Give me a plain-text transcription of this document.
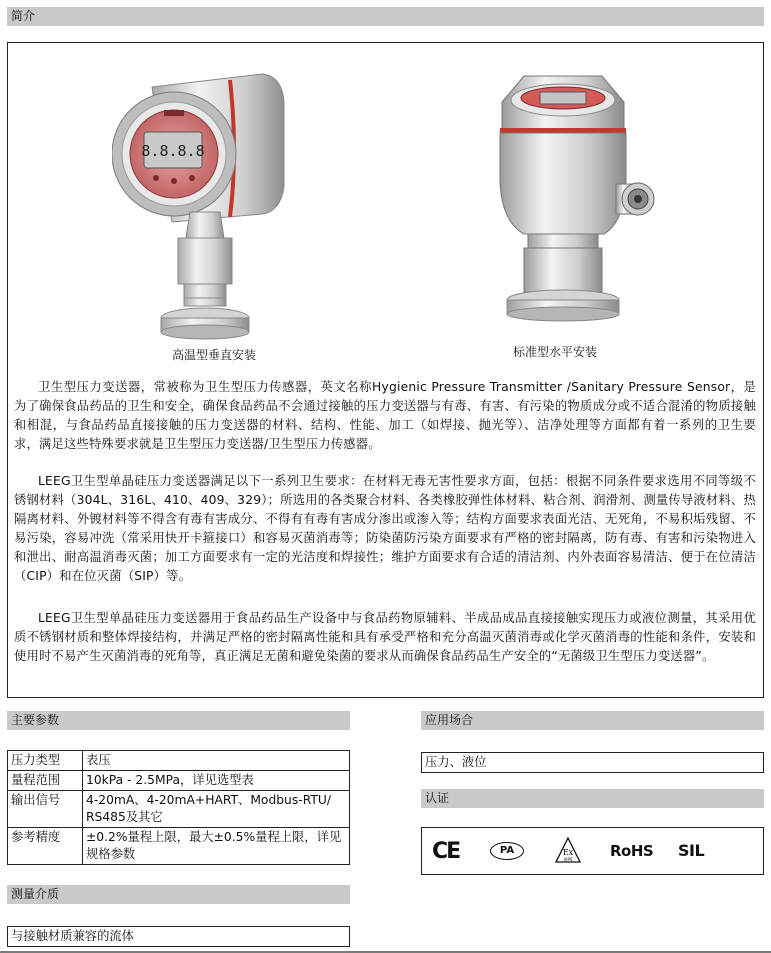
简介
8.8.8.8
高温型垂直安装	标准型水平安装

卫生型压力变送器，常被称为卫生型压力传感器，英文名称Hygienic Pressure Transmitter /Sanitary Pressure Sensor，是为了确保食品药品的卫生和安全，确保食品药品不会通过接触的压力变送器与有毒、有害、有污染的物质成分或不适合混淆的物质接触和相混，与食品药品直接接触的压力变送器的材料、结构、性能、加工（如焊接、抛光等）、洁净处理等方面都有着一系列的卫生要求，满足这些特殊要求就是卫生型压力变送器/卫生型压力传感器。

LEEG卫生型单晶硅压力变送器满足以下一系列卫生要求：在材料无毒无害性要求方面，包括：根据不同条件要求选用不同等级不锈钢材料（304L、316L、410、409、329）；所选用的各类聚合材料、各类橡胶弹性体材料、粘合剂、润滑剂、测量传导液材料、热隔离材料、外镀材料等不得含有毒有害成分、不得有有毒有害成分渗出或渗入等；结构方面要求表面光洁、无死角，不易积垢残留、不易污染，容易冲洗（常采用快开卡箍接口）和容易灭菌消毒等；防染菌防污染方面要求有严格的密封隔离，防有毒、有害和污染物进入和泄出、耐高温消毒灭菌；加工方面要求有一定的光洁度和焊接性；维护方面要求有合适的清洁剂、内外表面容易清洁、便于在位清洁（CIP）和在位灭菌（SIP）等。

LEEG卫生型单晶硅压力变送器用于食品药品生产设备中与食品药物原辅料、半成品成品直接接触实现压力或液位测量，其采用优质不锈钢材质和整体焊接结构，并满足严格的密封隔离性能和具有承受严格和充分高温灭菌消毒或化学灭菌消毒的性能和条件，安装和使用时不易产生灭菌消毒的死角等，真正满足无菌和避免染菌的要求从而确保食品药品生产安全的“无菌级卫生型压力变送器”。

主要参数
压力类型	表压
量程范围	10kPa - 2.5MPa，详见选型表
输出信号	4-20mA、4-20mA+HART、Modbus-RTU/ RS485及其它
参考精度	±0.2%量程上限，最大±0.5%量程上限，详见规格参数
测量介质
与接触材质兼容的流体
应用场合
压力、液位
认证
CE	PA	Ex
VIPS	RoHS SIL
